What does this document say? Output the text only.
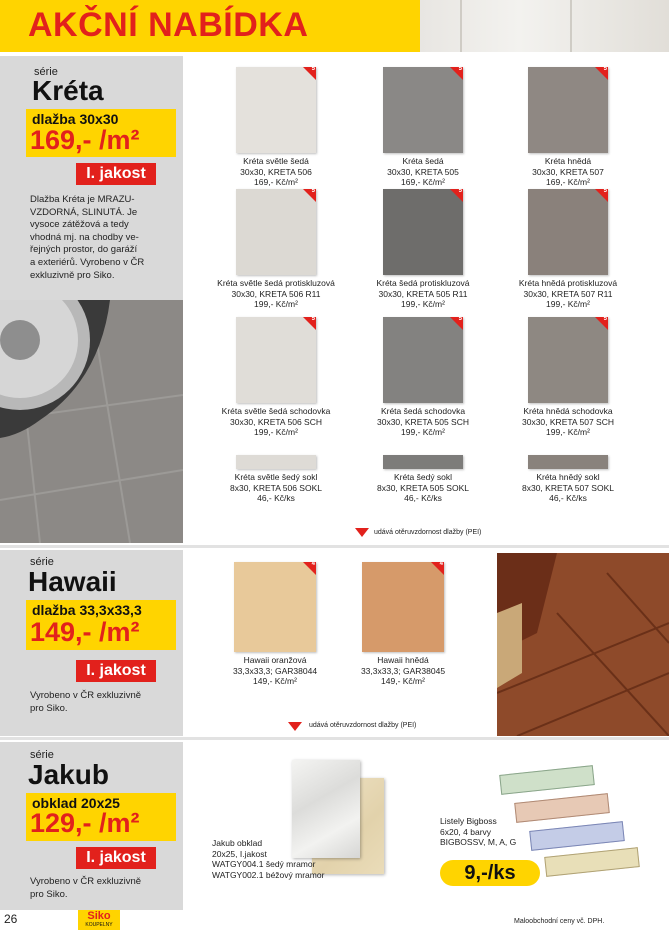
AKČNÍ NABÍDKA
série
Kréta
dlažba 30x30
169,- /m²
I. jakost
Dlažba Kréta je MRAZU-
VZDORNÁ, SLINUTÁ. Je
vysoce zátěžová a tedy
vhodná mj. na chodby ve-
řejných prostor, do garáží
a exteriérů. Vyrobeno v ČR
exkluzivně pro Siko.
5
Kréta světle šedá
30x30, KRETA 506
169,- Kč/m²
5
Kréta šedá
30x30, KRETA 505
169,- Kč/m²
5
Kréta hnědá
30x30, KRETA 507
169,- Kč/m²
5
Kréta světle šedá protiskluzová
30x30, KRETA 506 R11
199,- Kč/m²
5
Kréta šedá protiskluzová
30x30, KRETA 505 R11
199,- Kč/m²
5
Kréta hnědá protiskluzová
30x30, KRETA 507 R11
199,- Kč/m²
5
Kréta světle šedá schodovka
30x30, KRETA 506 SCH
199,- Kč/m²
5
Kréta šedá schodovka
30x30, KRETA 505 SCH
199,- Kč/m²
5
Kréta hnědá schodovka
30x30, KRETA 507 SCH
199,- Kč/m²
Kréta světle šedý sokl
8x30, KRETA 506 SOKL
46,- Kč/ks
Kréta šedý sokl
8x30, KRETA 505 SOKL
46,- Kč/ks
Kréta hnědý sokl
8x30, KRETA 507 SOKL
46,- Kč/ks
udává otěruvzdornost dlažby (PEI)
série
Hawaii
dlažba 33,3x33,3
149,- /m²
I. jakost
Vyrobeno v ČR exkluzivně
pro Siko.
4
Hawaii oranžová
33,3x33,3; GAR38044
149,- Kč/m²
4
Hawaii hnědá
33,3x33,3; GAR38045
149,- Kč/m²
udává otěruvzdornost dlažby (PEI)
série
Jakub
obklad 20x25
129,- /m²
I. jakost
Vyrobeno v ČR exkluzivně
pro Siko.
Jakub obklad
20x25, I.jakost
WATGY004.1 šedý mramor
WATGY002.1 béžový mramor
Listely Bigboss
6x20, 4 barvy
BIGBOSSV, M, A, G
9,-/ks
26	Siko
KOUPELNY	Maloobchodní ceny vč. DPH.
